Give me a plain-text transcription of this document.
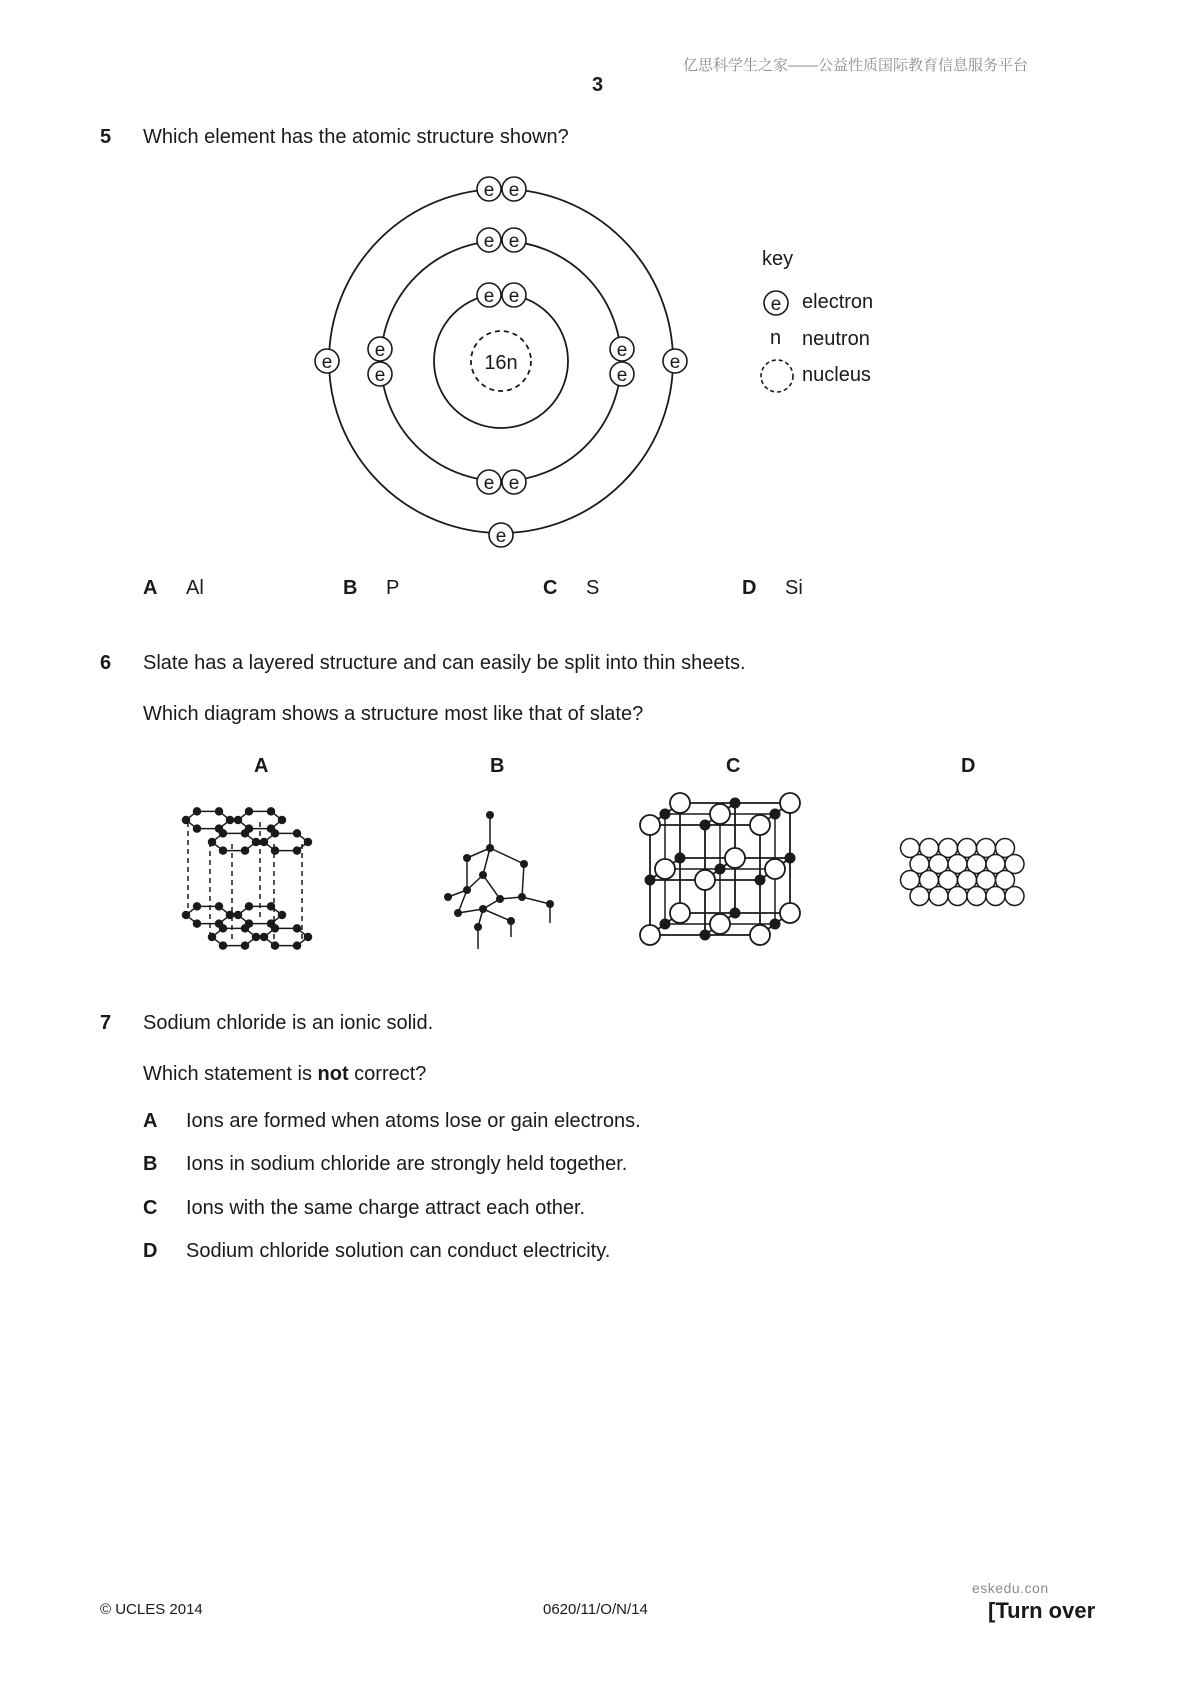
亿思科学生之家——公益性质国际教育信息服务平台
3
5 Which element has the atomic structure shown?
16n
e e
e e
e e
e
e
e
e
e	e
e e
e
key
e electron
n neutron
nucleus
A Al	B P	C S	D Si
6 Slate has a layered structure and can easily be split into thin sheets.
Which diagram shows a structure most like that of slate?
A	B	C	D
7 Sodium chloride is an ionic solid.
Which statement is not correct?
A Ions are formed when atoms lose or gain electrons.
B Ions in sodium chloride are strongly held together.
C Ions with the same charge attract each other.
D Sodium chloride solution can conduct electricity.
© UCLES 2014	0620/11/O/N/14
eskedu.con
[Turn over
